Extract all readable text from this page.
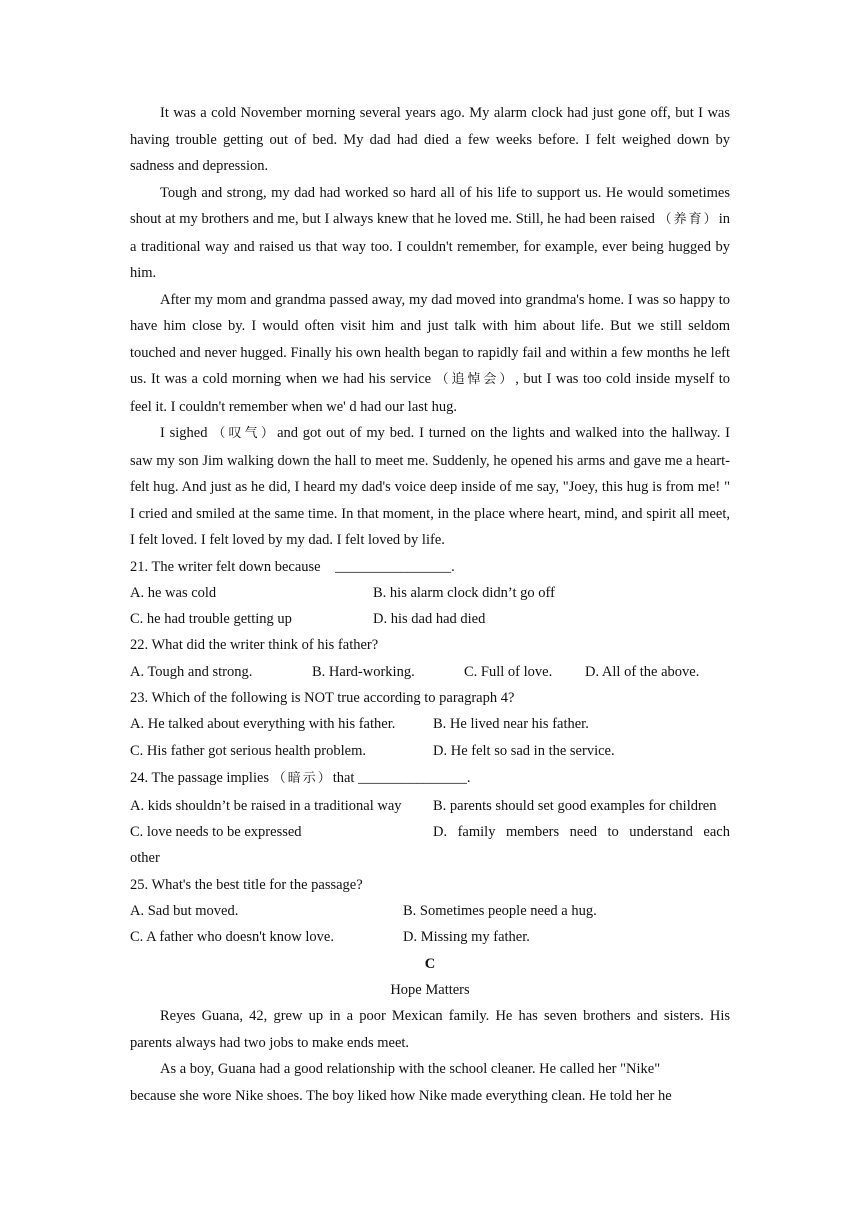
It was a cold November morning several years ago. My alarm clock had just gone off, but I was having trouble getting out of bed. My dad had died a few weeks before. I felt weighed down by sadness and depression.

Tough and strong, my dad had worked so hard all of his life to support us. He would sometimes shout at my brothers and me, but I always knew that he loved me. Still, he had been raised （养育）in a traditional way and raised us that way too. I couldn't remember, for example, ever being hugged by him.

After my mom and grandma passed away, my dad moved into grandma's home. I was so happy to have him close by. I would often visit him and just talk with him about life. But we still seldom touched and never hugged. Finally his own health began to rapidly fail and within a few months he left us. It was a cold morning when we had his service （追悼会）, but I was too cold inside myself to feel it. I couldn't remember when we' d had our last hug.

I sighed （叹气）and got out of my bed. I turned on the lights and walked into the hallway. I saw my son Jim walking down the hall to meet me. Suddenly, he opened his arms and gave me a heart-felt hug. And just as he did, I heard my dad's voice deep inside of me say, "Joey, this hug is from me! " I cried and smiled at the same time. In that moment, in the place where heart, mind, and spirit all meet, I felt loved. I felt loved by my dad. I felt loved by life.

21. The writer felt down because　________________.

A. he was cold	B. his alarm clock didn’t go off
C. he had trouble getting up	D. his dad had died

22. What did the writer think of his father?

A. Tough and strong.	B. Hard-working.	C. Full of love. D. All of the above.

23. Which of the following is NOT true according to paragraph 4?

A. He talked about everything with his father.	B. He lived near his father.
C. His father got serious health problem.	D. He felt so sad in the service.

24. The passage implies （暗示）that _______________.

A. kids shouldn’t be raised in a traditional way B. parents should set good examples for children
C. love needs to be expressed	D. family members need to understand each
other

25. What's the best title for the passage?

A. Sad but moved.	B. Sometimes people need a hug.
C. A father who doesn't know love.	D. Missing my father.

C

Hope Matters

Reyes Guana, 42, grew up in a poor Mexican family. He has seven brothers and sisters. His parents always had two jobs to make ends meet.

As a boy, Guana had a good relationship with the school cleaner. He called her "Nike"

because she wore Nike shoes. The boy liked how Nike made everything clean. He told her he
